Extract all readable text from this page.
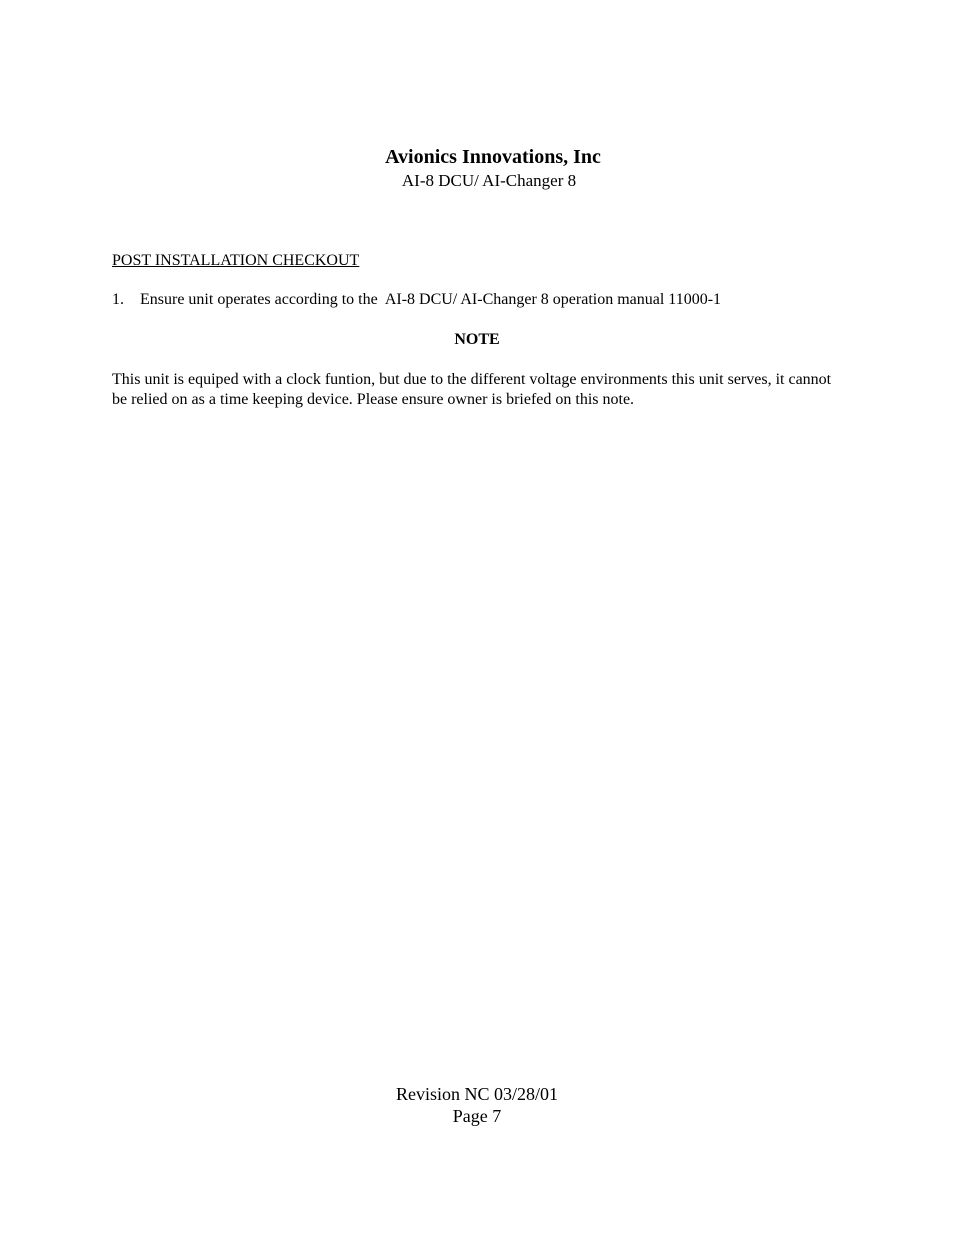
Avionics Innovations, Inc
AI-8 DCU/ AI-Changer 8
POST INSTALLATION CHECKOUT
1. Ensure unit operates according to the  AI-8 DCU/ AI-Changer 8 operation manual 11000-1
NOTE
This unit is equiped with a clock funtion, but due to the different voltage environments this unit serves, it cannot be relied on as a time keeping device. Please ensure owner is briefed on this note.
Revision NC 03/28/01
Page 7
